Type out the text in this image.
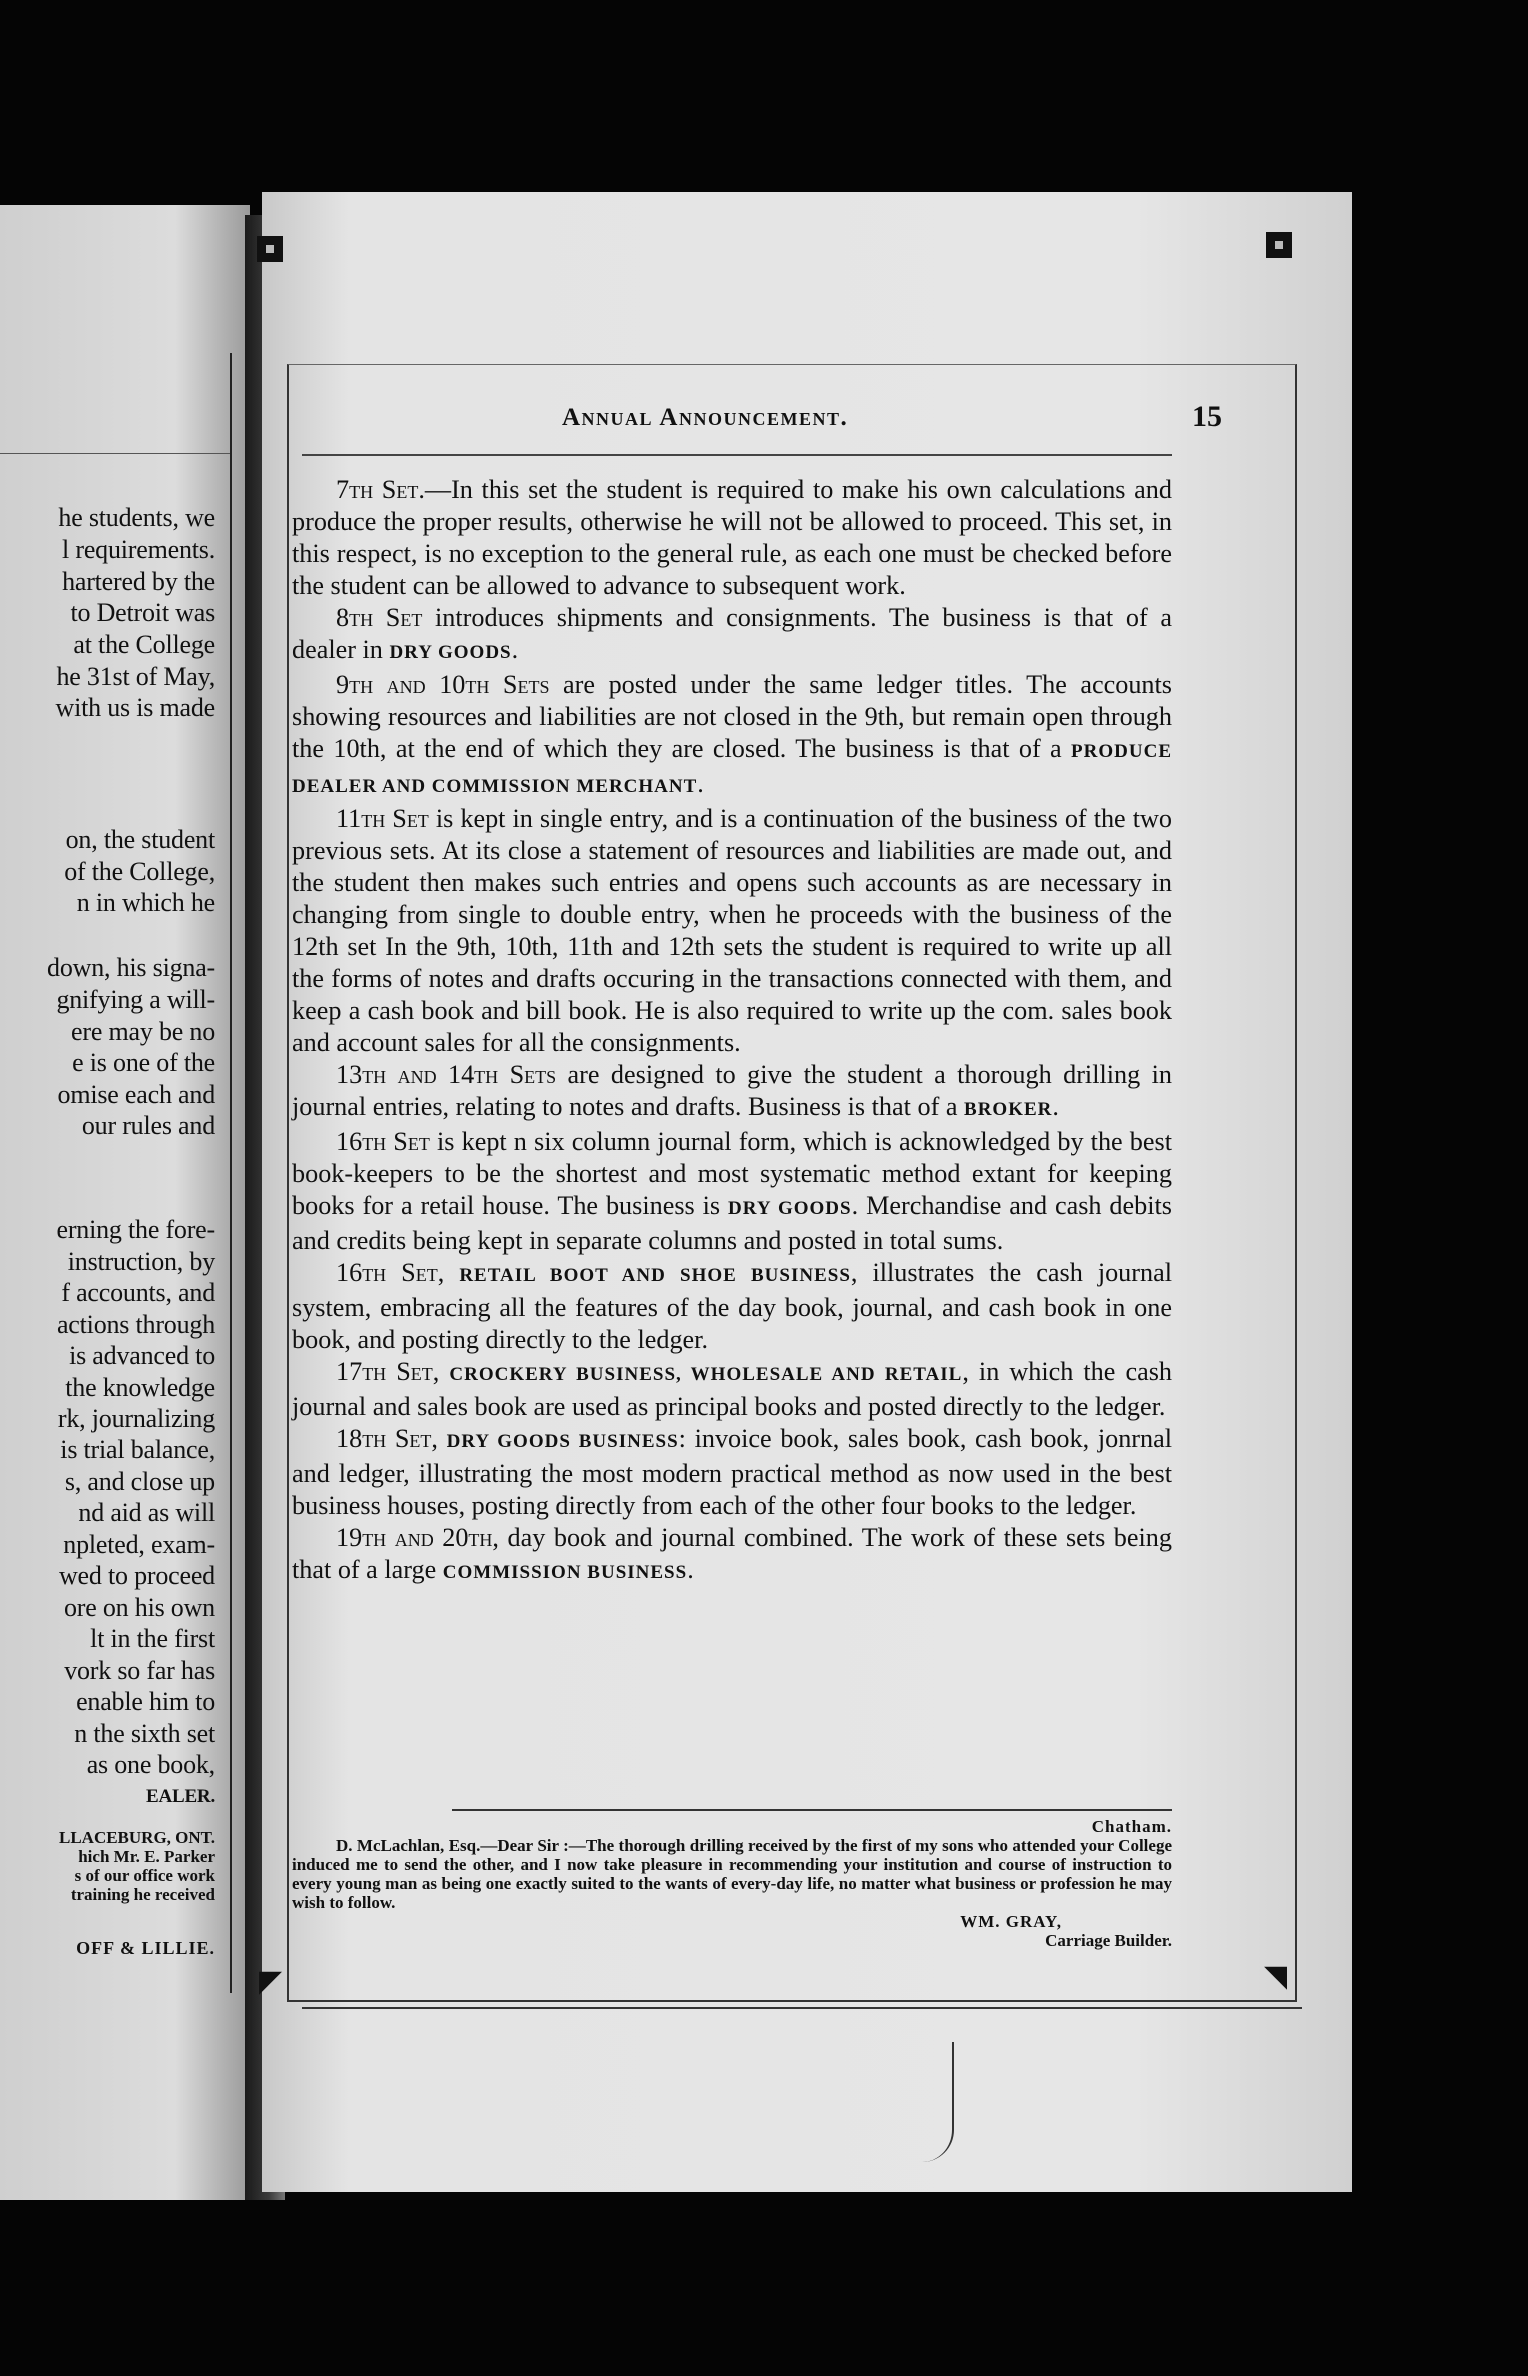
he students, we
l requirements.
hartered by the
to Detroit was
at the College
he 31st of May,
with us is made
on, the student
of the College,
n in which he
down, his signa-
gnifying a will-
ere may be no
e is one of the
omise each and
our rules and
erning the fore-
instruction, by
f accounts, and
actions through
is advanced to
the knowledge
rk, journalizing
is trial balance,
s, and close up
nd aid as will
npleted, exam-
wed to proceed
ore on his own
lt in the first
vork so far has
enable him to
n the sixth set
as one book,
EALER.
LLACEBURG, ONT.
hich Mr. E. Parker
s of our office work
training he received
OFF & LILLIE.
◤	◥
Annual Announcement.	15

7th Set.—In this set the student is required to make his own calculations and produce the proper results, otherwise he will not be allowed to proceed. This set, in this respect, is no exception to the general rule, as each one must be checked before the student can be allowed to advance to subsequent work.

8th Set introduces shipments and consignments. The business is that of a dealer in DRY GOODS.

9th and 10th Sets are posted under the same ledger titles. The accounts showing resources and liabilities are not closed in the 9th, but remain open through the 10th, at the end of which they are closed. The business is that of a PRODUCE DEALER AND COMMISSION MERCHANT.

11th Set is kept in single entry, and is a continuation of the business of the two previous sets. At its close a statement of resources and liabilities are made out, and the student then makes such entries and opens such accounts as are necessary in changing from single to double entry, when he proceeds with the business of the 12th set In the 9th, 10th, 11th and 12th sets the student is required to write up all the forms of notes and drafts occuring in the transactions connected with them, and keep a cash book and bill book. He is also required to write up the com. sales book and account sales for all the consignments.

13th and 14th Sets are designed to give the student a thorough drilling in journal entries, relating to notes and drafts. Business is that of a BROKER.

16th Set is kept n six column journal form, which is acknowledged by the best book-keepers to be the shortest and most systematic method extant for keeping books for a retail house. The business is DRY GOODS. Merchandise and cash debits and credits being kept in separate columns and posted in total sums.

16th Set, RETAIL BOOT AND SHOE BUSINESS, illustrates the cash journal system, embracing all the features of the day book, journal, and cash book in one book, and posting directly to the ledger.

17th Set, CROCKERY BUSINESS, WHOLESALE AND RETAIL, in which the cash journal and sales book are used as principal books and posted directly to the ledger.

18th Set, DRY GOODS BUSINESS: invoice book, sales book, cash book, jonrnal and ledger, illustrating the most modern practical method as now used in the best business houses, posting directly from each of the other four books to the ledger.

19th and 20th, day book and journal combined. The work of these sets being that of a large COMMISSION BUSINESS.

Chatham.

D. McLachlan, Esq.—Dear Sir :—The thorough drilling received by the first of my sons who attended your College induced me to send the other, and I now take pleasure in recommending your institution and course of instruction to every young man as being one exactly suited to the wants of every-day life, no matter what business or profession he may wish to follow.

WM. GRAY,
Carriage Builder.
